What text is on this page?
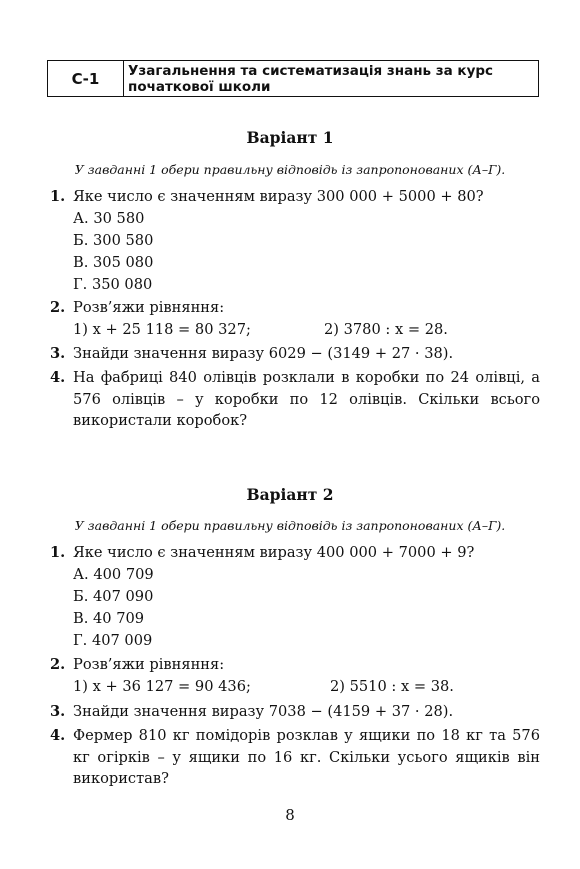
С-1	Узагальнення та систематизація знань за курс початкової школи
Варіант 1
У завданні 1 обери правильну відповідь із запропонованих (А–Г).
1. Яке число є значенням виразу 300 000 + 5000 + 80?
А. 30 580
Б. 300 580
В. 305 080
Г. 350 080
2. Розв’яжи рівняння:
1) x + 25 118 = 80 327;	2) 3780 : x = 28.
3. Знайди значення виразу 6029 − (3149 + 27 · 38).
4. На фабриці 840 олівців розклали в коробки по 24 олівці, а 576 олівців – у коробки по 12 олівців. Скільки всього використали коробок?
Варіант 2
У завданні 1 обери правильну відповідь із запропонованих (А–Г).
1. Яке число є значенням виразу 400 000 + 7000 + 9?
А. 400 709
Б. 407 090
В. 40 709
Г. 407 009
2. Розв’яжи рівняння:
1) x + 36 127 = 90 436;	2) 5510 : x = 38.
3. Знайди значення виразу 7038 − (4159 + 37 · 28).
4. Фермер 810 кг помідорів розклав у ящики по 18 кг та 576 кг огірків – у ящики по 16 кг. Скільки усього ящиків він використав?
8
